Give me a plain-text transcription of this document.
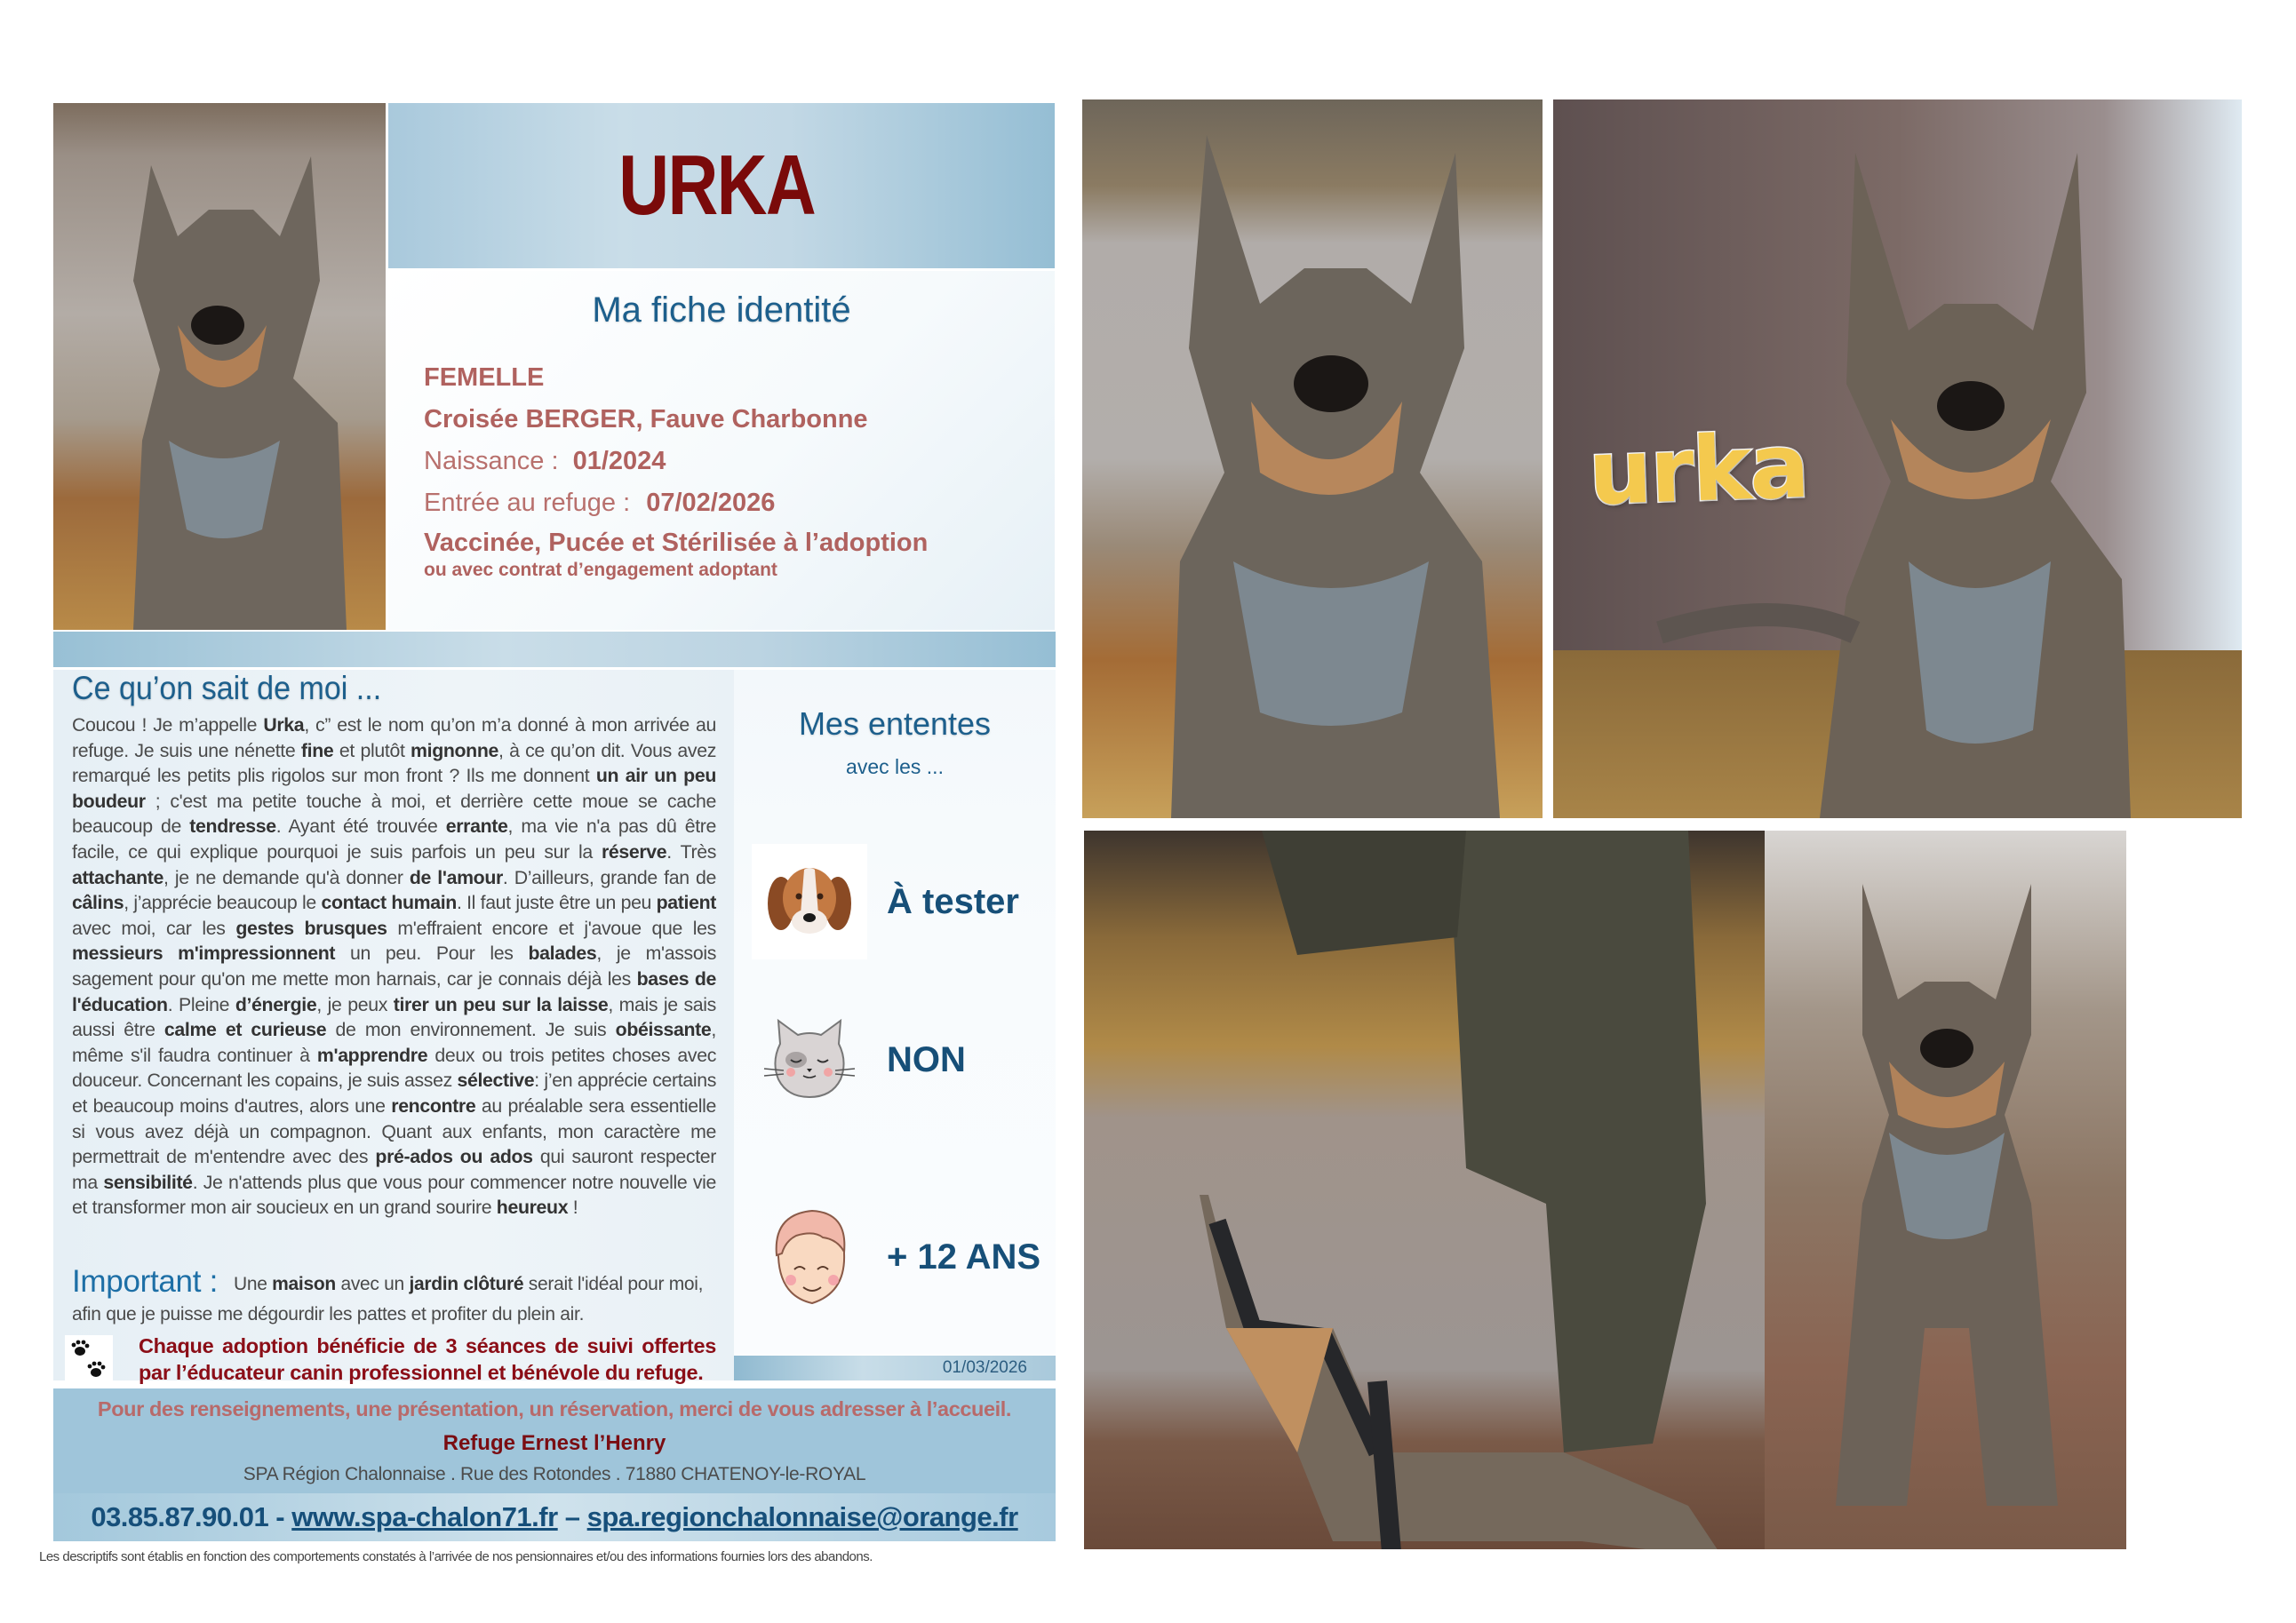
URKA
Ma fiche identité
FEMELLE
Croisée BERGER, Fauve Charbonne
Naissance : 01/2024
Entrée au refuge : 07/02/2026
Vaccinée, Pucée et Stérilisée à l’adoption
ou avec contrat d’engagement adoptant
Ce qu’on sait de moi ...
Coucou ! Je m’appelle Urka, c” est le nom qu’on m’a donné à mon arrivée au refuge. Je suis une nénette fine et plutôt mignonne, à ce qu’on dit. Vous avez remarqué les petits plis rigolos sur mon front ? Ils me donnent un air un peu boudeur ; c'est ma petite touche à moi, et derrière cette moue se cache beaucoup de tendresse. Ayant été trouvée errante, ma vie n'a pas dû être facile, ce qui explique pourquoi je suis parfois un peu sur la réserve. Très attachante, je ne demande qu'à donner de l'amour. D’ailleurs, grande fan de câlins, j’apprécie beaucoup le contact humain. Il faut juste être un peu patient avec moi, car les gestes brusques m'effraient encore et j'avoue que les messieurs m'impressionnent un peu. Pour les balades, je m'assois sagement pour qu'on me mette mon harnais, car je connais déjà les bases de l'éducation. Pleine d’énergie, je peux tirer un peu sur la laisse, mais je sais aussi être calme et curieuse de mon environnement. Je suis obéissante, même s'il faudra continuer à m'apprendre deux ou trois petites choses avec douceur. Concernant les copains, je suis assez sélective: j’en apprécie certains et beaucoup moins d'autres, alors une rencontre au préalable sera essentielle si vous avez déjà un compagnon. Quant aux enfants, mon caractère me permettrait de m'entendre avec des pré-ados ou ados qui sauront respecter ma sensibilité. Je n'attends plus que vous pour commencer notre nouvelle vie et transformer mon air soucieux en un grand sourire heureux !
Important : Une maison avec un jardin clôturé serait l'idéal pour moi, afin que je puisse me dégourdir les pattes et profiter du plein air.
Chaque adoption bénéficie de 3 séances de suivi offertes par l’éducateur canin professionnel et bénévole du refuge.
Mes ententes
avec les ...
À tester
NON
+ 12 ANS
01/03/2026
Pour des renseignements, une présentation, un réservation, merci de vous adresser à l’accueil.
Refuge Ernest l’Henry
SPA Région Chalonnaise . Rue des Rotondes . 71880 CHATENOY-le-ROYAL
03.85.87.90.01 - www.spa-chalon71.fr – spa.regionchalonnaise@orange.fr
Les descriptifs sont établis en fonction des comportements constatés à l’arrivée de nos pensionnaires et/ou des informations fournies lors des abandons.
urka
